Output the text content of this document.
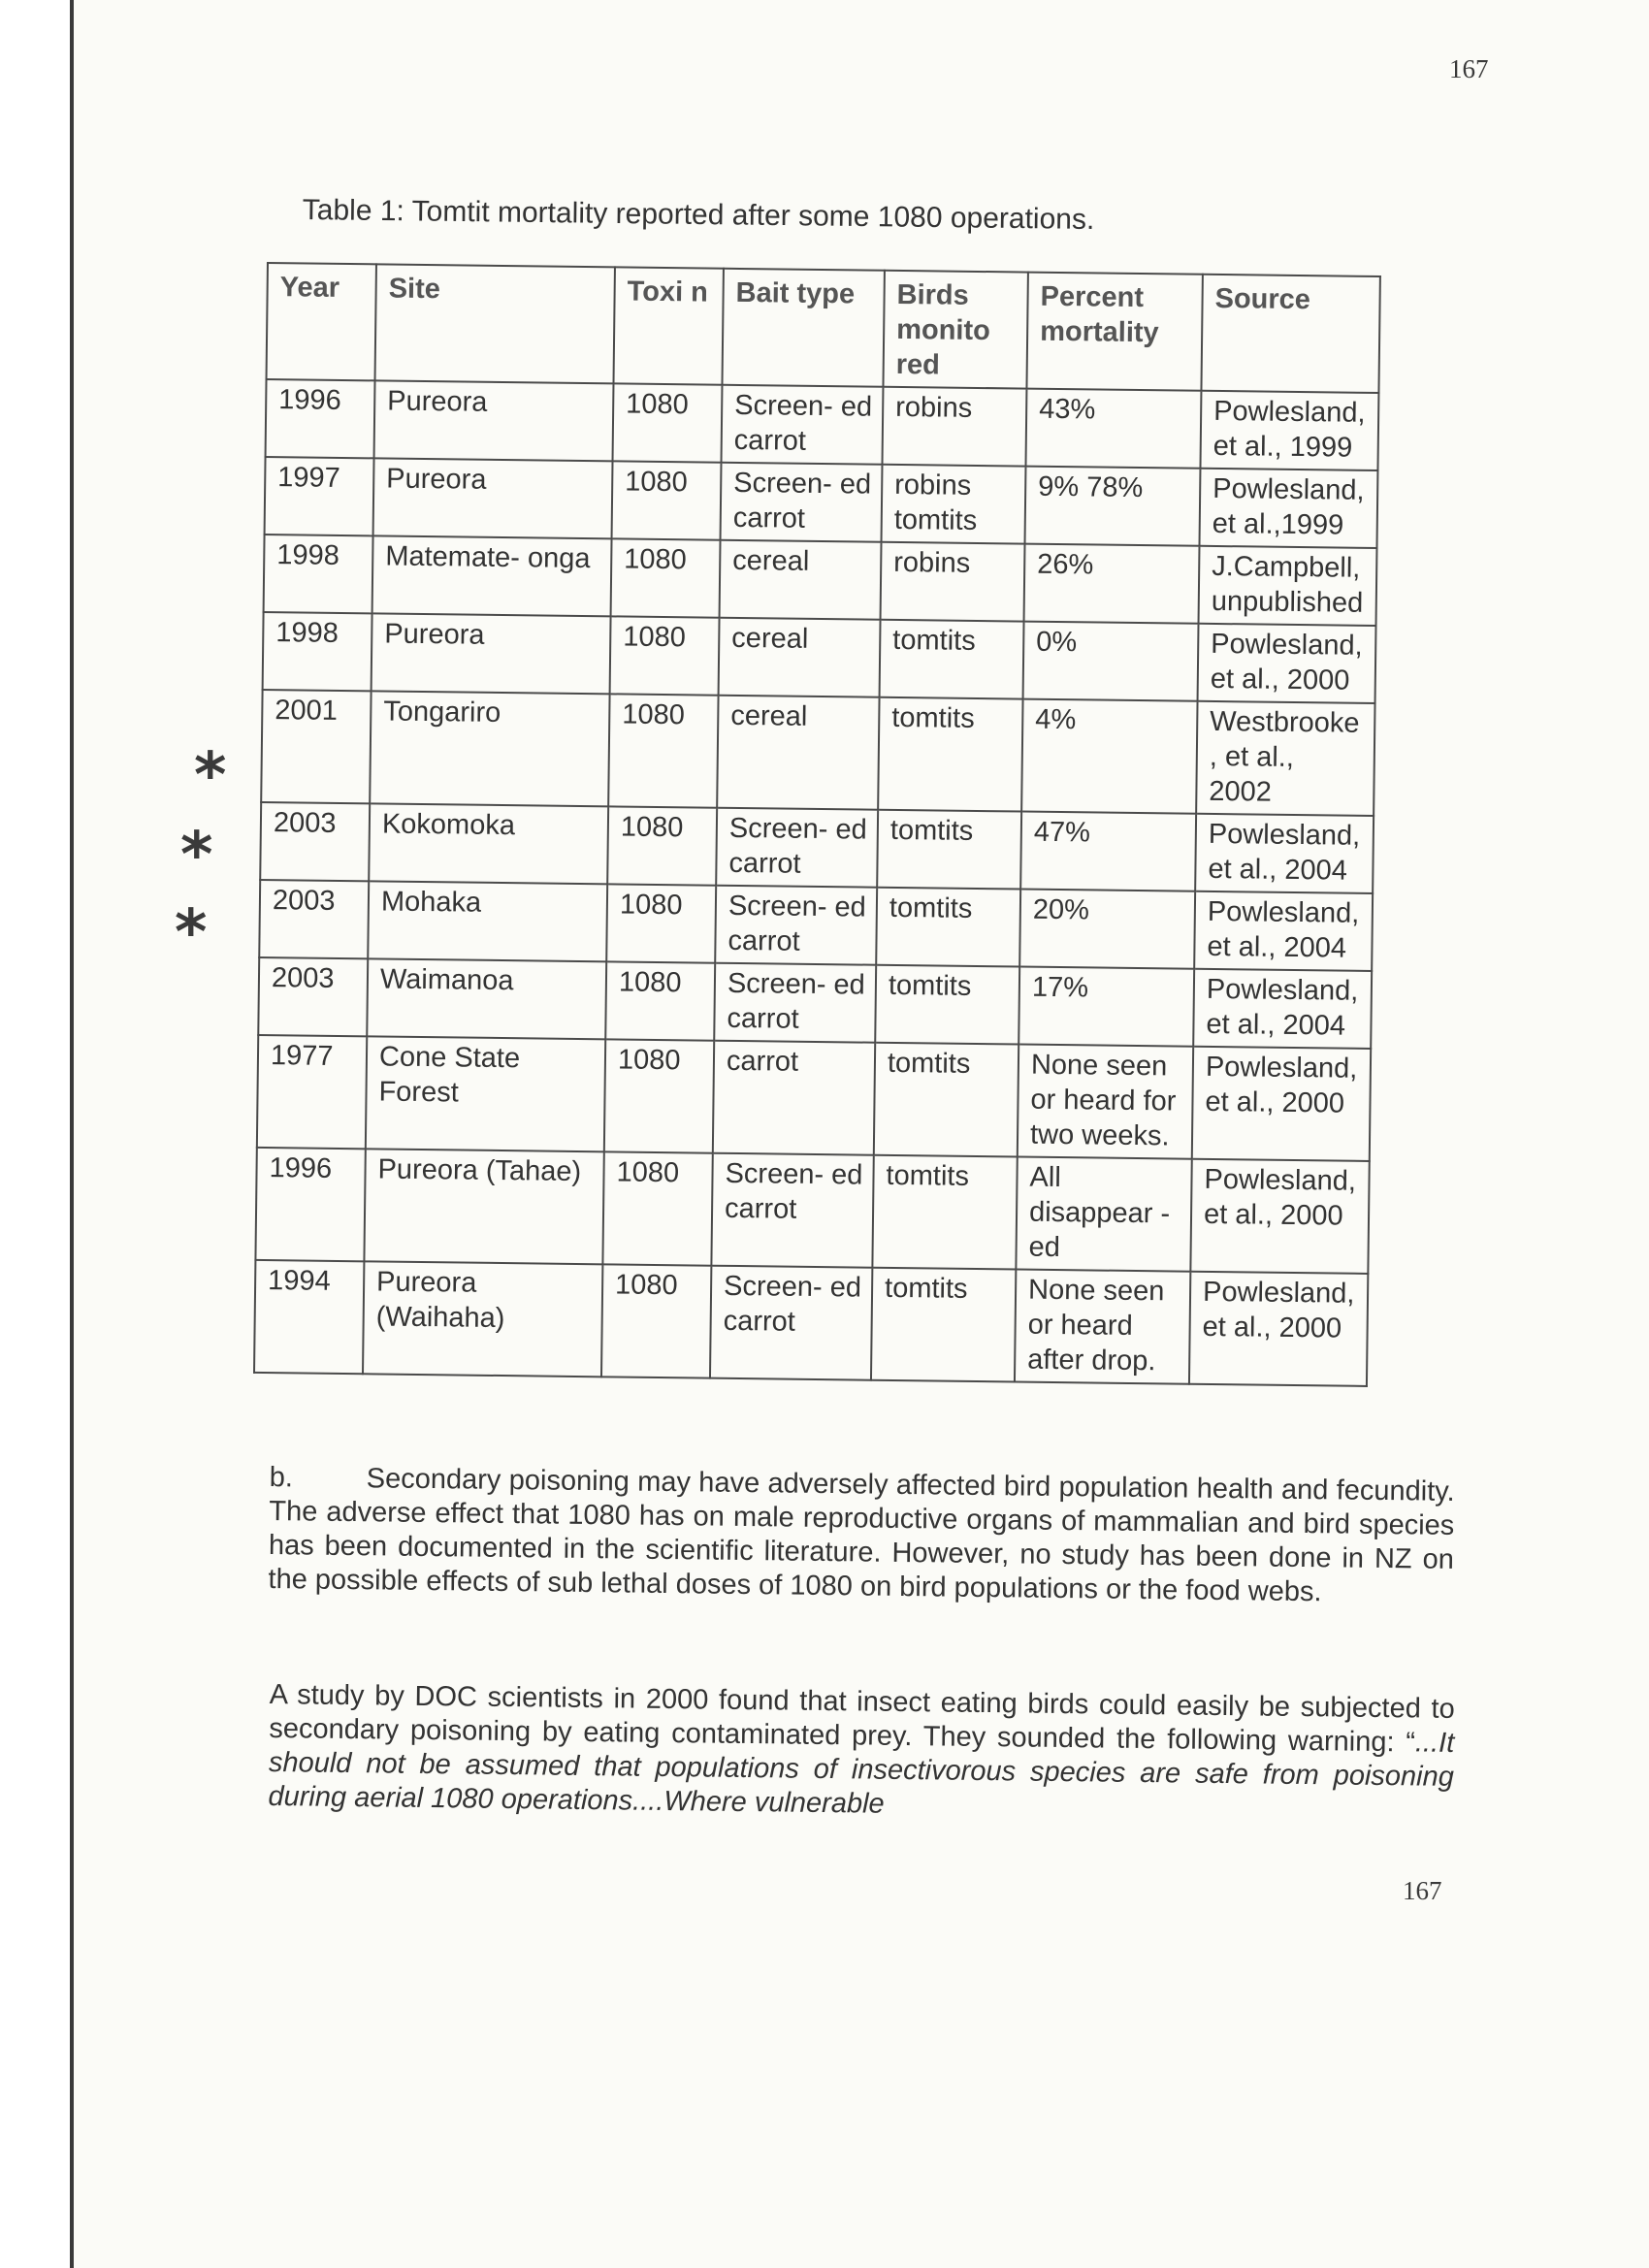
167
Table 1: Tomtit mortality reported after some 1080 operations.
*
*
*
Year	Site	Toxi n	Bait type	Birds monito red	Percent mortality	Source
1996	Pureora	1080	Screen- ed carrot	robins	43%	Powlesland, et al., 1999
1997	Pureora	1080	Screen- ed carrot	robins tomtits	9% 78%	Powlesland, et al.,1999
1998	Matemate- onga	1080	cereal	robins	26%	J.Campbell, unpublished
1998	Pureora	1080	cereal	tomtits	0%	Powlesland, et al., 2000
2001	Tongariro	1080	cereal	tomtits	4%	Westbrooke , et al., 2002
2003	Kokomoka	1080	Screen- ed carrot	tomtits	47%	Powlesland, et al., 2004
2003	Mohaka	1080	Screen- ed carrot	tomtits	20%	Powlesland, et al., 2004
2003	Waimanoa	1080	Screen- ed carrot	tomtits	17%	Powlesland, et al., 2004
1977	Cone State Forest	1080	carrot	tomtits	None seen or heard for two weeks.	Powlesland, et al., 2000
1996	Pureora (Tahae)	1080	Screen- ed carrot	tomtits	All disappear -ed	Powlesland, et al., 2000
1994	Pureora (Waihaha)	1080	Screen- ed carrot	tomtits	None seen or heard after drop.	Powlesland, et al., 2000
b.	Secondary poisoning may have adversely affected bird population health and fecundity. The adverse effect that 1080 has on male reproductive organs of mammalian and bird species has been documented in the scientific literature. However, no study has been done in NZ on the possible effects of sub lethal doses of 1080 on bird populations or the food webs.
A study by DOC scientists in 2000 found that insect eating birds could easily be subjected to secondary poisoning by eating contaminated prey. They sounded the following warning: “...It should not be assumed that populations of insectivorous species are safe from poisoning during aerial 1080 operations....Where vulnerable
167
